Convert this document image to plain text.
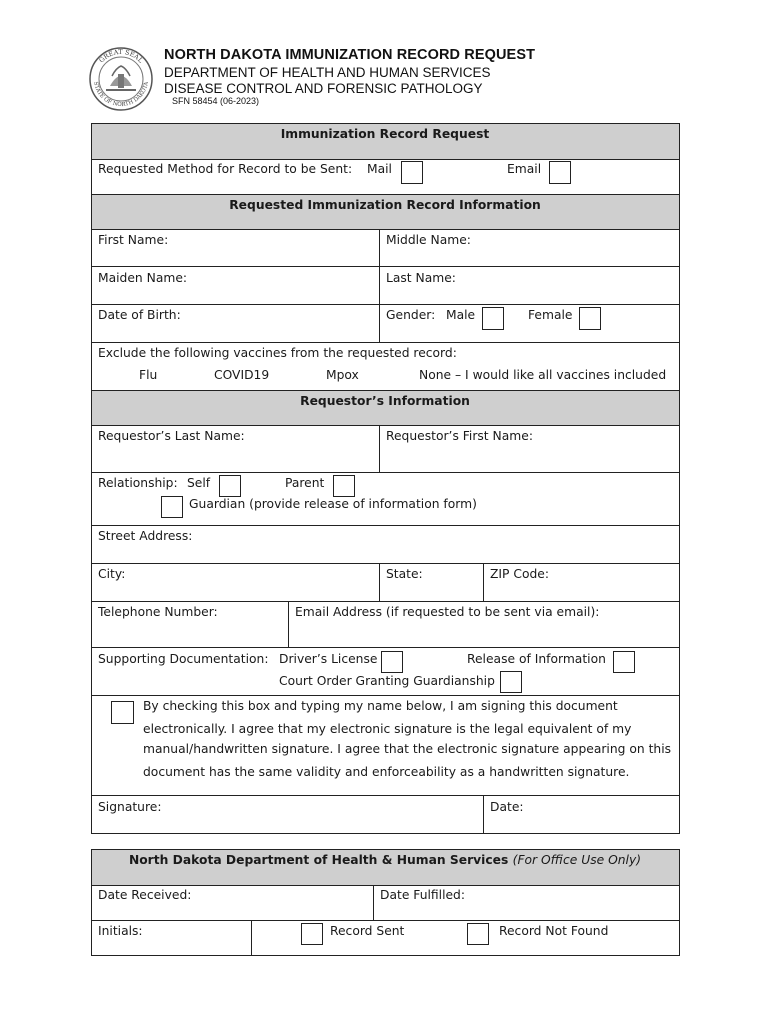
GREAT SEAL
STATE OF NORTH DAKOTA
NORTH DAKOTA IMMUNIZATION RECORD REQUEST
DEPARTMENT OF HEALTH AND HUMAN SERVICES
DISEASE CONTROL AND FORENSIC PATHOLOGY
SFN 58454 (06-2023)
Immunization Record Request
Requested Method for Record to be Sent: Mail	Email
Requested Immunization Record Information
First Name:	Middle Name:
Maiden Name:	Last Name:
Date of Birth:	Gender: Male	Female
Exclude the following vaccines from the requested record:
Flu	COVID19	Mpox	None – I would like all vaccines included
Requestor’s Information
Requestor’s Last Name:	Requestor’s First Name:
Relationship: Self	Parent
Guardian (provide release of information form)
Street Address:
City:	State:	ZIP Code:
Telephone Number:	Email Address (if requested to be sent via email):
Supporting Documentation: Driver’s License	Release of Information
Court Order Granting Guardianship
By checking this box and typing my name below, I am signing this document
electronically. I agree that my electronic signature is the legal equivalent of my
manual/handwritten signature. I agree that the electronic signature appearing on this
document has the same validity and enforceability as a handwritten signature.
Signature:	Date:
North Dakota Department of Health & Human Services (For Office Use Only)
Date Received:	Date Fulfilled:
Initials:	Record Sent	Record Not Found
